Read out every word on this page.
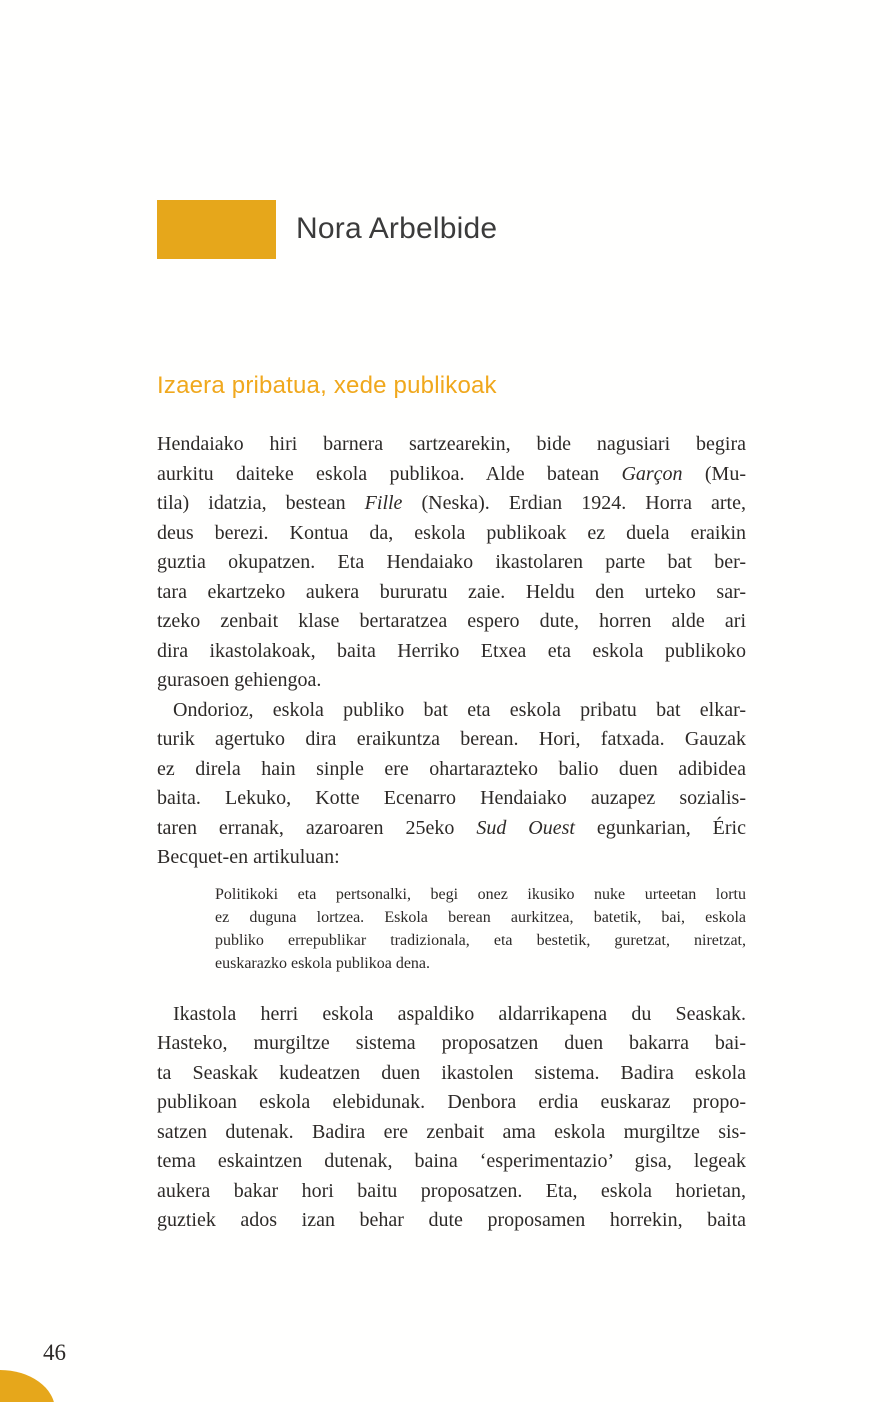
Nora Arbelbide
Izaera pribatua, xede publikoak
Hendaiako hiri barnera sartzearekin, bide nagusiari begira
aurkitu daiteke eskola publikoa. Alde batean Garçon (Mu-
tila) idatzia, bestean Fille (Neska). Erdian 1924. Horra arte,
deus berezi. Kontua da, eskola publikoak ez duela eraikin
guztia okupatzen. Eta Hendaiako ikastolaren parte bat ber-
tara ekartzeko aukera bururatu zaie. Heldu den urteko sar-
tzeko zenbait klase bertaratzea espero dute, horren alde ari
dira ikastolakoak, baita Herriko Etxea eta eskola publikoko
gurasoen gehiengoa.
Ondorioz, eskola publiko bat eta eskola pribatu bat elkar-
turik agertuko dira eraikuntza berean. Hori, fatxada. Gauzak
ez direla hain sinple ere ohartarazteko balio duen adibidea
baita. Lekuko, Kotte Ecenarro Hendaiako auzapez sozialis-
taren erranak, azaroaren 25eko Sud Ouest egunkarian, Éric
Becquet-en artikuluan:
Politikoki eta pertsonalki, begi onez ikusiko nuke urteetan lortu
ez duguna lortzea. Eskola berean aurkitzea, batetik, bai, eskola
publiko errepublikar tradizionala, eta bestetik, guretzat, niretzat,
euskarazko eskola publikoa dena.
Ikastola herri eskola aspaldiko aldarrikapena du Seaskak.
Hasteko, murgiltze sistema proposatzen duen bakarra bai-
ta Seaskak kudeatzen duen ikastolen sistema. Badira eskola
publikoan eskola elebidunak. Denbora erdia euskaraz propo-
satzen dutenak. Badira ere zenbait ama eskola murgiltze sis-
tema eskaintzen dutenak, baina ‘esperimentazio’ gisa, legeak
aukera bakar hori baitu proposatzen. Eta, eskola horietan,
guztiek ados izan behar dute proposamen horrekin, baita
46
